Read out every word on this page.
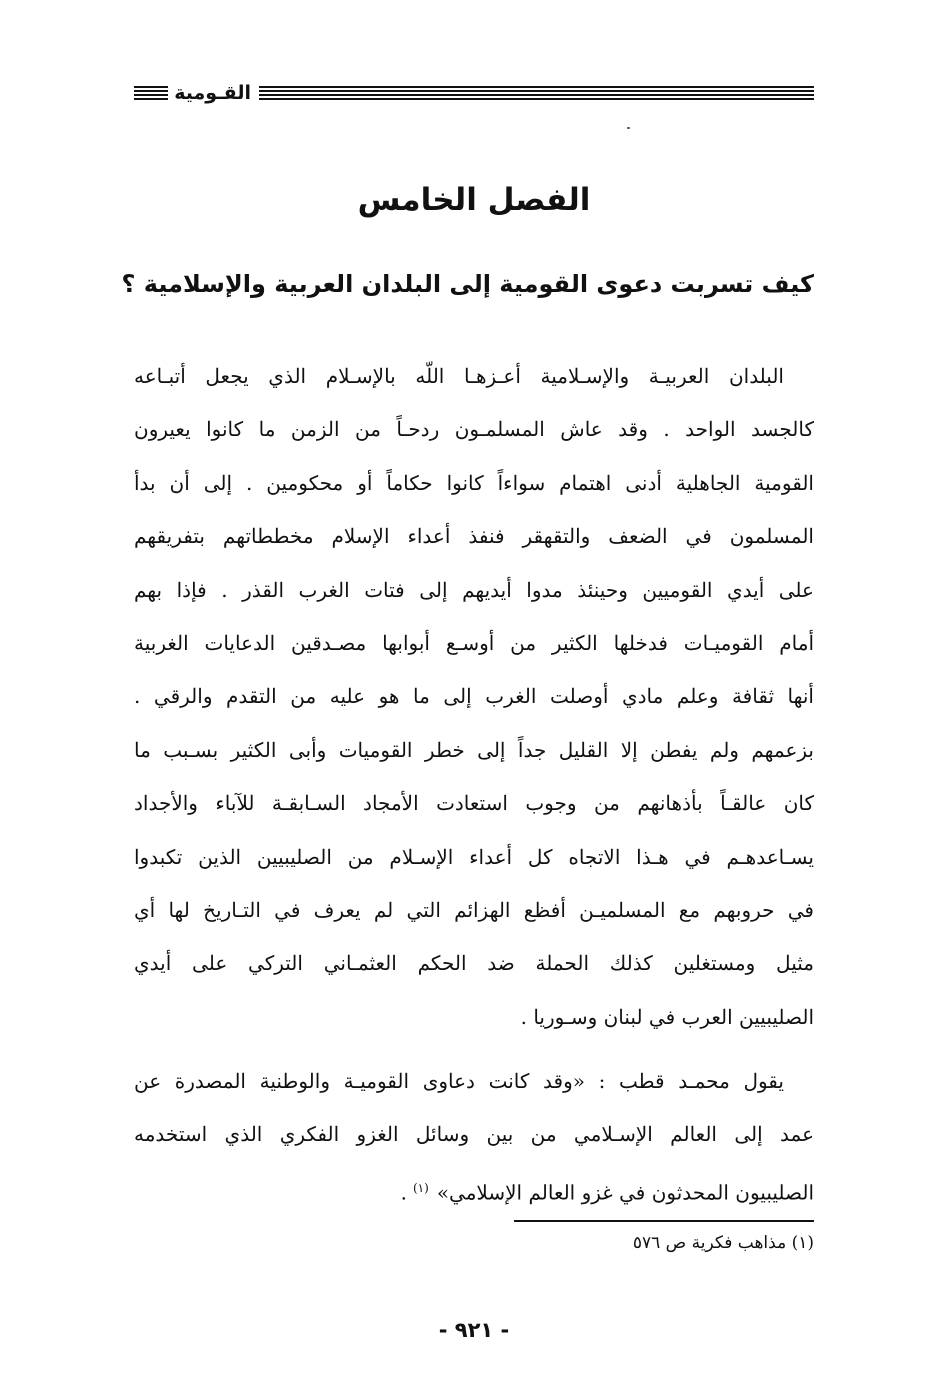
القـومية
الفصل الخامس
كيف تسربت دعوى القومية إلى البلدان العربية والإسلامية ؟
البلدان العربيـة والإسـلامية أعـزهـا اللّه بالإسـلام الذي يجعل أتبـاعه
كالجسد الواحد . وقد عاش المسلمـون ردحـاً من الزمن ما كانوا يعيرون
القومية الجاهلية أدنى اهتمام سواءاً كانوا حكاماً أو محكومين . إلى أن بدأ
المسلمون في الضعف والتقهقر فنفذ أعداء الإسلام مخططاتهم بتفريقهم
على أيدي القوميين وحينئذ مدوا أيديهم إلى فتات الغرب القذر . فإذا بهم
أمام القوميـات فدخلها الكثير من أوسـع أبوابها مصـدقين الدعايات الغربية
أنها ثقافة وعلم مادي أوصلت الغرب إلى ما هو عليه من التقدم والرقي .
بزعمهم ولم يفطن إلا القليل جداً إلى خطر القوميات وأبى الكثير بسـبب ما
كان عالقـاً بأذهانهم من وجوب استعادت الأمجاد السـابقـة للآباء والأجداد
يسـاعدهـم في هـذا الاتجاه كل أعداء الإسـلام من الصليبيين الذين تكبدوا
في حروبهم مع المسلميـن أفظع الهزائم التي لم يعرف في التـاريخ لها أي
مثيل ومستغلين كذلك الحملة ضد الحكم العثمـاني التركي على أيدي
الصليبيين العرب في لبنان وسـوريا .
يقول محمـد قطب : «وقد كانت دعاوى القوميـة والوطنية المصدرة عن
عمد إلى العالم الإسـلامي من بين وسائل الغزو الفكري الذي استخدمه
الصليبيون المحدثون في غزو العالم الإسلامي»$^{(١)}$.
(١) مذاهب فكرية ص ٥٧٦
- ٩٢١ -
